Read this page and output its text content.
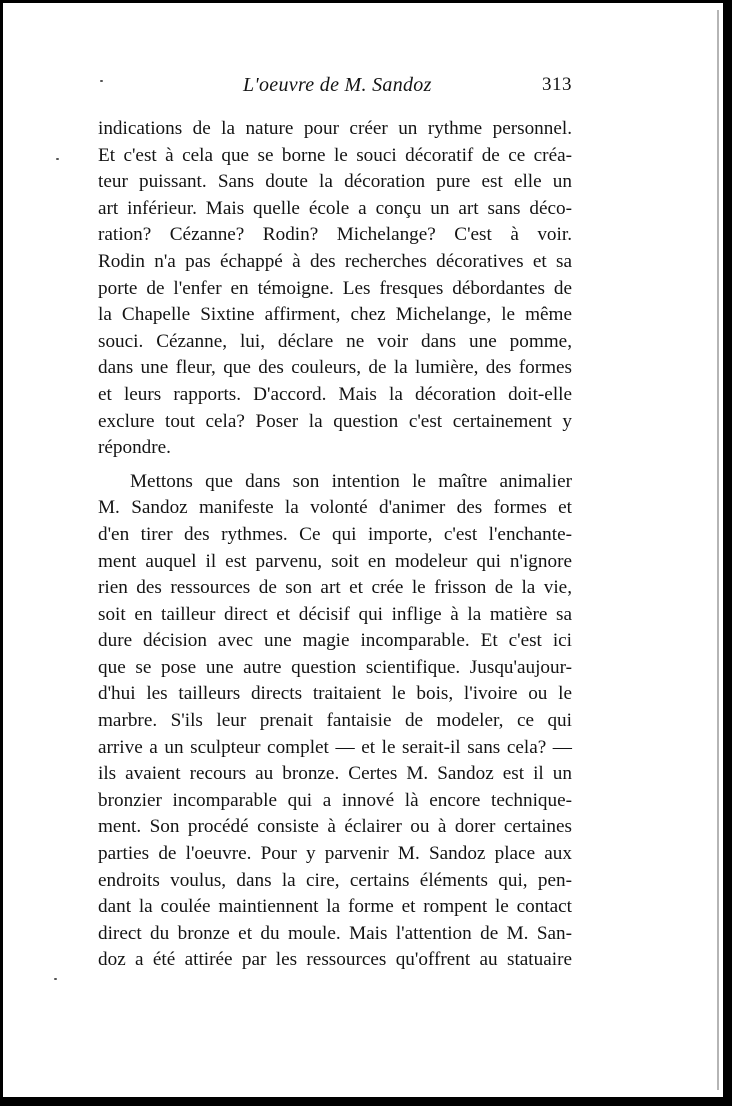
L'oeuvre de M. Sandoz	313
indications de la nature pour créer un rythme personnel.
Et c'est à cela que se borne le souci décoratif de ce créa-
teur puissant. Sans doute la décoration pure est elle un
art inférieur. Mais quelle école a conçu un art sans déco-
ration? Cézanne? Rodin? Michelange? C'est à voir.
Rodin n'a pas échappé à des recherches décoratives et sa
porte de l'enfer en témoigne. Les fresques débordantes de
la Chapelle Sixtine affirment, chez Michelange, le même
souci. Cézanne, lui, déclare ne voir dans une pomme,
dans une fleur, que des couleurs, de la lumière, des formes
et leurs rapports. D'accord. Mais la décoration doit-elle
exclure tout cela? Poser la question c'est certainement y
répondre.
Mettons que dans son intention le maître animalier
M. Sandoz manifeste la volonté d'animer des formes et
d'en tirer des rythmes. Ce qui importe, c'est l'enchante-
ment auquel il est parvenu, soit en modeleur qui n'ignore
rien des ressources de son art et crée le frisson de la vie,
soit en tailleur direct et décisif qui inflige à la matière sa
dure décision avec une magie incomparable. Et c'est ici
que se pose une autre question scientifique. Jusqu'aujour-
d'hui les tailleurs directs traitaient le bois, l'ivoire ou le
marbre. S'ils leur prenait fantaisie de modeler, ce qui
arrive a un sculpteur complet — et le serait-il sans cela? —
ils avaient recours au bronze. Certes M. Sandoz est il un
bronzier incomparable qui a innové là encore technique-
ment. Son procédé consiste à éclairer ou à dorer certaines
parties de l'oeuvre. Pour y parvenir M. Sandoz place aux
endroits voulus, dans la cire, certains éléments qui, pen-
dant la coulée maintiennent la forme et rompent le contact
direct du bronze et du moule. Mais l'attention de M. San-
doz a été attirée par les ressources qu'offrent au statuaire
